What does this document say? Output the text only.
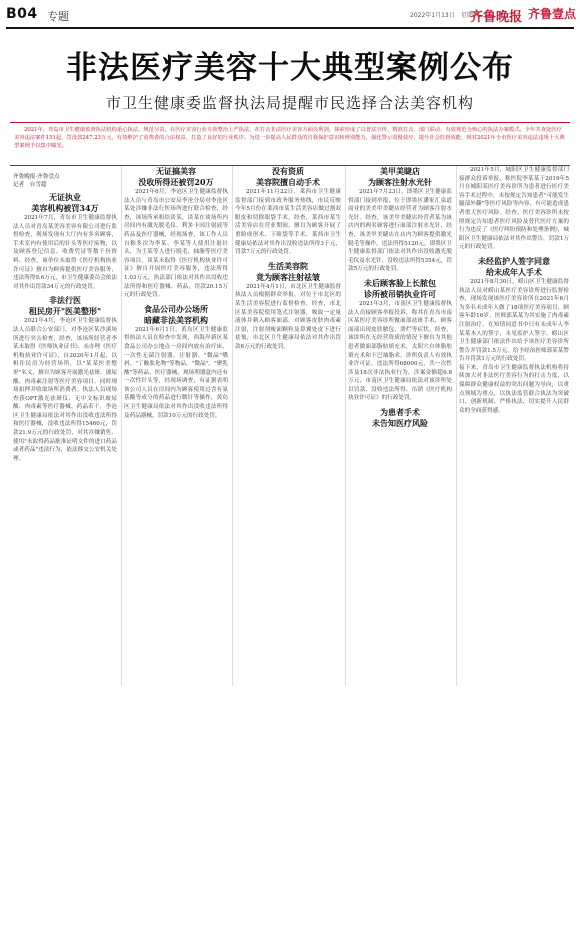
B04 专题	2022年1月13日　星期四
齐鲁晚报 齐鲁壹点
非法医疗美容十大典型案例公布
市卫生健康委监督执法局提醒市民选择合法美容机构

2021年，青岛市卫生健康监督执法机构重心执法、规范尽责，在医疗美容行业专项整治上严执法，在打击非法医疗美容方面亮利剑，探索形成了以普法宣传、精准打击、部门联动、有效规范为核心的执法办案模式。全年共查处医疗美容违法案件151起，罚没款247.23万元，有效维护了消费者的合法权益，打造了良好的行业秩序。为进一步提高人民群众的自我保护意识和辨别能力，强化警示震慑效应，提升社会监督效能，现对2021年全市医疗美容违法违规十大典型案例予以集中曝光。

齐鲁晚报·齐鲁壹点
记者　台雪超
无证执业
美容机构被罚34万

2021年7月，青岛市卫生健康监督执法人员对青岛某美容美容有限公司进行监督检查，现场发现有大厅内有多名顾客，手术室内有使用后的针头等医疗废物，以及顾客登记信息、收费凭证等数千份资料。经查，该单位未取得《医疗机构执业许可证》擅自为顾客提供医疗美容服务，违法所得9.6万元，市卫生健康委员会依法对其作出罚款34万元的行政处罚。

非法行医
租民房开"医美整形"

2021年4月，李沧区卫生健康监督执法人员联合公安部门，对李沧区某沙溪场所进行突击检查，经查，该场所经营者李某未取得《医师执业证书》、未办理《医疗机构执业许可证》，自2020年1月起，以租住民房为经营场所，以"某某医美整形"名义，擅自为顾客开展激光祛斑、玻尿酸、肉毒素注射等医疗美容项目。同时现场扣押并收取场所消费者。执法人员现场查获OPT激光祛斑仪、无中文标识玻尿酸、肉毒素等医疗器械、药品若干，李沧区卫生健康局依法对其作出没收违法所得和医疗器械，没收违法所得15460元，罚款21.9万元的行政处罚，对其涉嫌销售、使用"未取得药品批准证明文件的进口药品或者药品"违法行为，依法移交公安机关处理。

无证搞美容
没收所得还被罚20万

2021年6月，李沧区卫生健康监督执法人员与青岛市公安局李沧分局对李沧区某处涉嫌非法行医场所进行联合检查，经查，该场所承租给谈某，谈某在谈场所内房间内有激光脱毛仪、利多卡因注射液等药品及医疗器械，经现场查，该工作人员自称多次为李某、李某等人使用注射针头，为王某等人进行脱毛、抽脂等医疗美容项目。谈某未取得《医疗机构执业许可证》擅自开展医疗美容服务，违法所得1.03万元，执法部门依法对其作出没收违法所得和医疗器械、药品，罚款20.15万元的行政处罚。

食品公司办公场所
暗藏非法美容机构

2021年6月1日，黄岛区卫生健康监督执法人员在检查中发现，西海岸新区某食品公司办公地点一房间内放有治疗床、一次性无菌注射器、注射器、"微晶"嘴唇、"丁酸肽化物"等物品，"微晶"、"聚乳酸"等药品、医疗器械，现场利器盒内还有一次性针头等，经现场调查，有证据表明该公司人员在房间内为顾客使用过含有氨基酸等成分的药品进行微针等操作，黄岛区卫生健康局依法对其作出没收违法所得及药品器械，罚款10万元的行政处罚。

没有资质
美容院擅自动手术

2021年11月22日，莱西市卫生健康监督部门接到市政务服务热线，市民反映今年5月份在莱西市某生活美容店做过割双眼皮和切除眼袋手术，经查，莱西市某生活美容店在营业期间，擅自为顾客开展了重睑成形术、下睑袋等手术，莱西市卫生健康局依法对其作出没收违法所得3千元，罚款7万元的行政处罚。

生活美容院
竟为顾客注射祛皱

2021年4月1日，市北区卫生健康监督执法人员根据群众举报，对位于市北区的某生活美容院进行监督检查，经查，市北区某美容院使用笔式注射器，吸取一定量液体并刺入顾客面部，对顾客皮肤肉毒素注射，注射剂瘦面颗粒及鼻翼处皮下进行祛皱，市北区卫生健康局依法对其作出罚款6万元的行政处罚。

美甲美睫店
为顾客注射水光针

2021年7月23日，即墨区卫生健康监督部门接到举报，位于即墨区潘家汇泉道商业的美美甲美睫店经营者为顾客注射水光针。经查，该美甲美睫店经营者某为该店内的两名顾客进行面部注射水光针，经查，该美甲美睫店在店内为顾客提供激光脱毛等操作，违法所得5120元，即墨区卫生健康监督部门依法对其作出没收激光脱毛仪及水光针、没收违法所得5354元，罚款5万元的行政处罚。

未后顾客脸上长脓包
诊所被吊销执业许可

2021年3月，市南区卫生健康监督执法人员接顾客举报投诉，称其在青岛市南区某医疗美容诊所做面部祛斑手术，顾客面部出现皮肤脓包、溃烂等症状。经查，该诊所在无经营资质的情况下擅自为其他患者做面部脂肪填充术，太阳穴自体脂肪填充术和下巴抽脂术，诊所负责人有效执业许可证，违法所得68000元，共一次性涉及18次非法执业行为，涉案金额超6.8万元，市南区卫生健康局依法对该诊所处以罚款、没收违法所得、吊销《医疗机构执业许可证》的行政处罚。

为患者手术
未告知医疗风险

2021年5月，城阳区卫生健康监督部门接群众投诉举报，称医院李某某于2019年5月在城阳某医疗美容诊所为患者进行医疗美容手术过程中，未按规定告知患者"可能发生腿部外翻"等医疗风险等内容，有可能造成患者重大医疗风险。经查，医疗美容诊所未按照规定告知患者医疗风险及替代医疗方案的行为违反了《医疗纠纷预防和处理条例》，城阳区卫生健康局依法对其作出警告，罚款1万元的行政处罚。

未经监护人签字同意
给未成年人手术

2021年8月30日，崂山区卫生健康监督执法人员对崂山某医疗美容诊所进行监督检查，现场发现该医疗美容诊所在2021年6月为多名未成年人做了18项医疗美容项目，顾客年龄16岁。医师郭某某为其实施了肉毒素注射治疗，在知情同意书中只有未成年人李某某本人的签字，未见监护人签字。崂山区卫生健康部门依法作出给予该医疗美容诊所警告并罚款1.5万元，给予经治医师郭某某警告并罚款1万元的行政处罚。
接下来，青岛市卫生健康监督执法机构将持续加大对非法医疗美容行为的打击力度，以保障群众健康权益的突出问题为导向，以重点领域为重点，以执法监管联合执法为突破口，创新机制、严格执法，切实提升人民群众的全面获得感。
